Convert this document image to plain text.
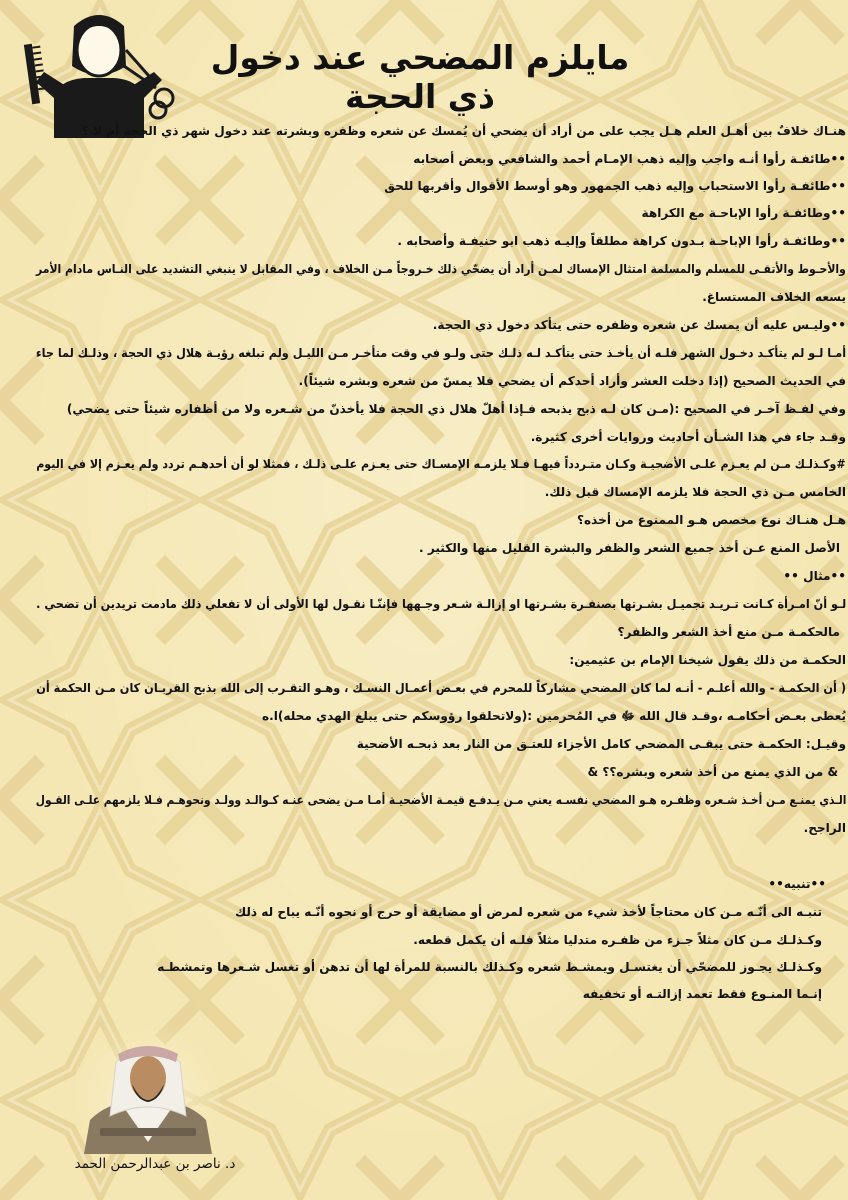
مايلزم المضحي عند دخول ذي الحجة

هنـاك خلافٌ بين أهـل العلم هـل يجب على من أراد أن يضحي أن يُمسك عن شعره وظفره وبشرته عند دخول شهر ذي الحجة أم لا ؟

••طائفـة رأوا أنـه واجب وإليه ذهب الإمـام أحمد والشافعي وبعض أصحابه

••طائفـة رأوا الاستحباب وإليه ذهب الجمهور وهو أوسط الأقوال وأقربها للحق

••وطائفـة رأوا الإباحـة مع الكراهة

••وطائفـة رأوا الإباحـة بـدون كراهة مطلقاً وإليـه ذهب ابو حنيفـة وأصحابه .

والأحـوط والأتقـى للمسلم والمسلمة امتثال الإمساك لمـن أراد أن يضحّي ذلك خـروجاً مـن الخلاف ، وفي المقابل لا ينبغي التشديد على النـاس مادام الأمر

يسعه الخلاف المستساغ.

••وليـس عليه أن يمسك عن شعره وظفره حتى يتأكد دخول ذي الحجة.

أمـا لـو لم يتأكـد دخـول الشهر فلـه أن يأخـذ حتى يتأكـد لـه ذلـك حتى ولـو في وقت متأخـر مـن الليـل ولم تبلغه رؤيـة هلال ذي الحجة ، وذلـك لما جاء

في الحديث الصحيح (إذا دخلت العشر وأراد أحدكم أن يضحي فلا يمسّ من شعره وبشره شيئاً).

وفي لفـظ آخـر في الصحيح :(مـن كان لـه ذبح يذبحه فـإذا أهلّ هلال ذي الحجة فلا يأخذنّ من شـعره ولا من أظفاره شيئاً حتى يضحي)

وقـد جاء في هذا الشـأن أحاديث وروايات أخرى كثيرة.

#وكـذلـك مـن لم يعـزم علـى الأضحيـة وكـان متـردداً فيهـا فـلا يلزمـه الإمسـاك حتى يعـزم علـى ذلـك ، فمثلا لو أن أحدهـم تردد ولم يعـزم إلا في اليوم

الخامس مـن ذي الحجة فلا يلزمه الإمساك قبل ذلك.

هـل هنـاك نوع مخصص هـو الممنوع من أخذه؟

الأصل المنع عـن أخذ جميع الشعر والظفر والبشرة القليل منها والكثير .

••مثال ••

لـو أنّ امـرأة كـانت تـريـد تجميـل بشـرتها بصنفـرة بشـرتها او إزالـة شـعر وجـهها فإننّـا نقـول لها الأولى أن لا تفعلي ذلك مادمت تريدين أن تضحي .

مالحكمـة مـن منع أخذ الشعر والظفر؟

الحكمـة من ذلك يقول شيخنا الإمام بن عثيمين:

( أن الحكمـة - والله أعلـم - أنـه لما كان المضحي مشاركاً للمحرم في بعـض أعمـال النسـك ، وهـو التقـرب إلى الله بذبح القربـان كان مـن الحكمة أن

يُعطى بعـض أحكامـه ،وقـد قال الله ﷻ في المُحرمين :(ولاتحلقوا رؤوسكم حتى يبلغ الهدي محله)ا.ه

وقيـل: الحكمـة حتى يبقـى المضحي كامل الأجزاء للعتـق من النار بعد ذبحـه الأضحية

& من الذي يمنع من أخذ شعره وبشره؟؟ &

الـذي يمنـع مـن أخـذ شـعره وظفـره هـو المضحي نفسـه يعني مـن يـدفـع قيمـة الأضحيـة أمـا مـن يضحى عنـه كـوالـد وولـد ونحوهـم فـلا يلزمهم علـى القـول

الراجح.

••تنبيه••

تنبـه الى أنّـه مـن كان محتاجاً لأخذ شيء من شعره لمرض أو مضايقة أو حرج أو نحوه أنّـه يباح له ذلك

وكـذلـك مـن كان مثلاً جـزء من ظفـره متدليا مثلاً فلـه أن يكمل قطعه.

وكـذلـك يجـوز للمضحّي أن يغتسـل ويمشـط شعره وكـذلك بالنسبة للمرأة لها أن تدهن أو تغسل شـعرها وتمشطـه

إنـما المنـوع فقط تعمد إزالتـه أو تخفيفه

د. ناصر بن عبدالرحمن الحمد
